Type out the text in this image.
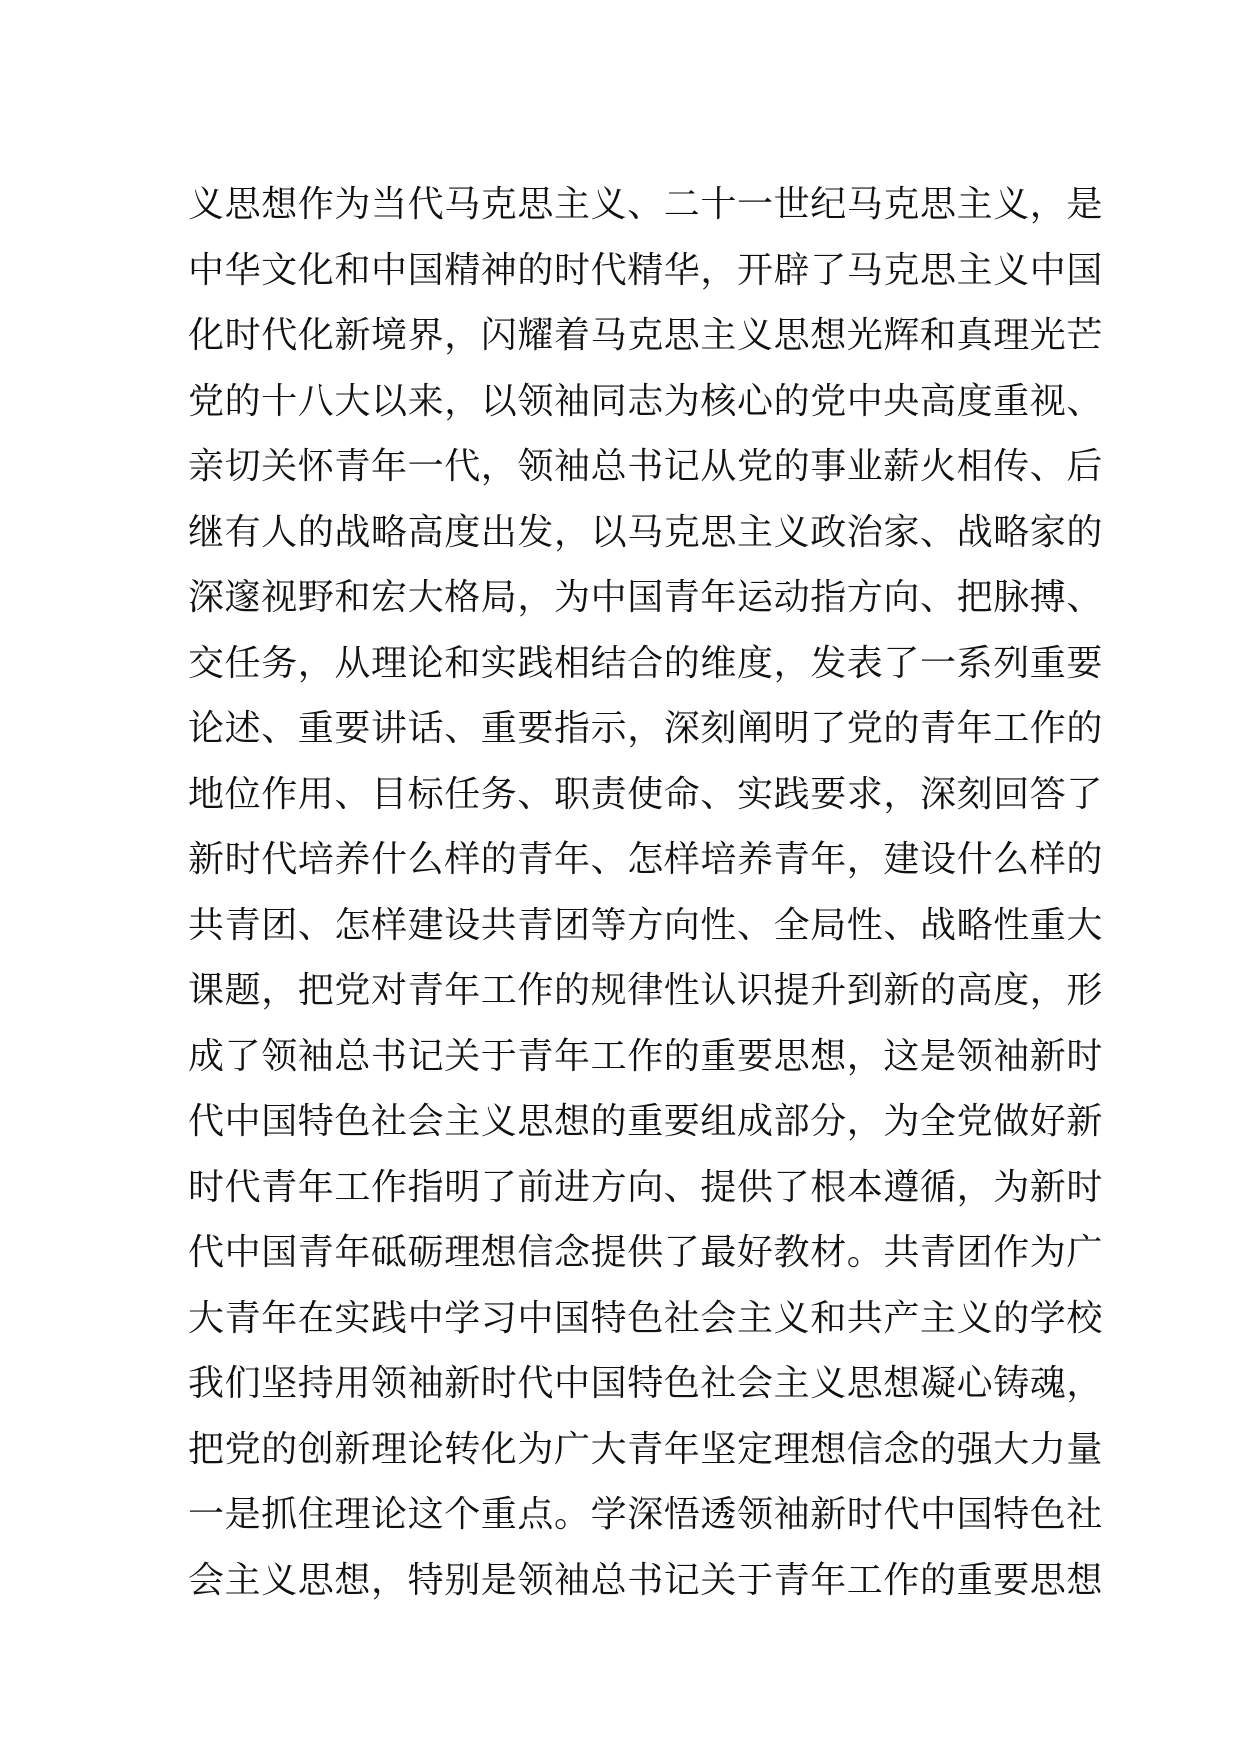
义思想作为当代马克思主义、二十一世纪马克思主义，是
中华文化和中国精神的时代精华，开辟了马克思主义中国
化时代化新境界，闪耀着马克思主义思想光辉和真理光芒
党的十八大以来，以领袖同志为核心的党中央高度重视、
亲切关怀青年一代，领袖总书记从党的事业薪火相传、后
继有人的战略高度出发，以马克思主义政治家、战略家的
深邃视野和宏大格局，为中国青年运动指方向、把脉搏、
交任务，从理论和实践相结合的维度，发表了一系列重要
论述、重要讲话、重要指示，深刻阐明了党的青年工作的
地位作用、目标任务、职责使命、实践要求，深刻回答了
新时代培养什么样的青年、怎样培养青年，建设什么样的
共青团、怎样建设共青团等方向性、全局性、战略性重大
课题，把党对青年工作的规律性认识提升到新的高度，形
成了领袖总书记关于青年工作的重要思想，这是领袖新时
代中国特色社会主义思想的重要组成部分，为全党做好新
时代青年工作指明了前进方向、提供了根本遵循，为新时
代中国青年砥砺理想信念提供了最好教材。共青团作为广
大青年在实践中学习中国特色社会主义和共产主义的学校
我们坚持用领袖新时代中国特色社会主义思想凝心铸魂，
把党的创新理论转化为广大青年坚定理想信念的强大力量
一是抓住理论这个重点。学深悟透领袖新时代中国特色社
会主义思想，特别是领袖总书记关于青年工作的重要思想
